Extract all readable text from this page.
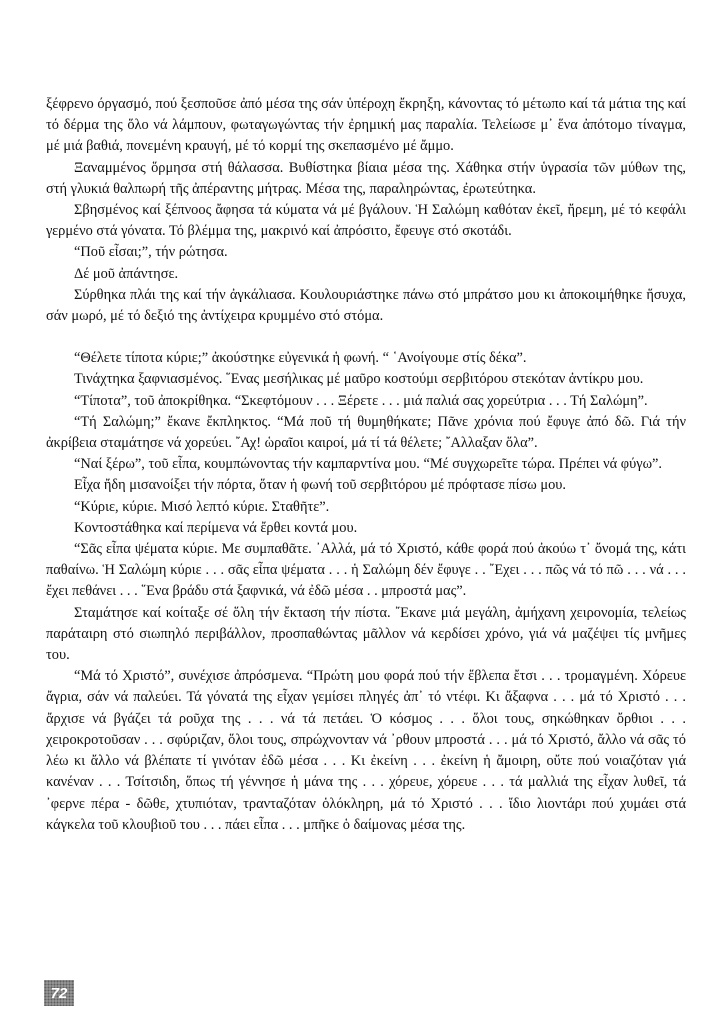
ξέφρενο όργασμό, πού ξεσποῦσε ἀπό μέσα της σάν ὑπέροχη ἔκρηξη, κάνοντας τό μέτωπο καί τά μάτια της καί τό δέρμα της ὅλο νά λάμπουν, φωταγωγώντας τήν ἐρημική μας παραλία. Τελείωσε μ᾽ ἕνα ἀπότομο τίναγμα, μέ μιά βαθιά, πονεμένη κραυγή, μέ τό κορμί της σκεπασμένο μέ ἄμμο.

Ξαναμμένος ὅρμησα στή θάλασσα. Βυθίστηκα βίαια μέσα της. Χάθηκα στήν ὑγρασία τῶν μύθων της, στή γλυκιά θαλπωρή τῆς ἀπέραντης μήτρας. Μέσα της, παραληρώντας, ἐρωτεύτηκα.

Σβησμένος καί ξέπνοος ἄφησα τά κύματα νά μέ βγάλουν. Ἡ Σαλώμη καθόταν ἐκεῖ, ἤρεμη, μέ τό κεφάλι γερμένο στά γόνατα. Τό βλέμμα της, μακρινό καί ἀπρόσιτο, ἔφευγε στό σκοτάδι.

“Ποῦ εἶσαι;”, τήν ρώτησα.

Δέ μοῦ ἀπάντησε.

Σύρθηκα πλάι της καί τήν ἀγκάλιασα. Κουλουριάστηκε πάνω στό μπράτσο μου κι ἀποκοιμήθηκε ἥσυχα, σάν μωρό, μέ τό δεξιό της ἀντίχειρα κρυμμένο στό στόμα.

“Θέλετε τίποτα κύριε;” ἀκούστηκε εὐγενικά ἡ φωνή. “ ῾Ανοίγουμε στίς δέκα”.

Τινάχτηκα ξαφνιασμένος. ῞Ενας μεσήλικας μέ μαῦρο κοστούμι σερβιτόρου στεκόταν ἀντίκρυ μου.

“Τίποτα”, τοῦ ἀποκρίθηκα. “Σκεφτόμουν . . . Ξέρετε . . . μιά παλιά σας χορεύτρια . . . Τή Σαλώμη”.

“Τή Σαλώμη;” ἔκανε ἔκπληκτος. “Μά ποῦ τή θυμηθήκατε; Πᾶνε χρόνια πού ἔφυγε ἀπό δῶ. Γιά τήν ἀκρίβεια σταμάτησε νά χορεύει. ῎Αχ! ὡραῖοι καιροί, μά τί τά θέλετε; ῎Αλλαξαν ὅλα”.

“Ναί ξέρω”, τοῦ εἶπα, κουμπώνοντας τήν καμπαρντίνα μου. “Μέ συγχωρεῖτε τώρα. Πρέπει νά φύγω”.

Εἶχα ἤδη μισανοίξει τήν πόρτα, ὅταν ἡ φωνή τοῦ σερβιτόρου μέ πρόφτασε πίσω μου.

“Κύριε, κύριε. Μισό λεπτό κύριε. Σταθῆτε”.

Κοντοστάθηκα καί περίμενα νά ἔρθει κοντά μου.

“Σᾶς εἶπα ψέματα κύριε. Με συμπαθᾶτε. ᾽Αλλά, μά τό Χριστό, κάθε φορά πού ἀκούω τ᾽ ὄνομά της, κάτι παθαίνω. Ἡ Σαλώμη κύριε . . . σᾶς εἶπα ψέματα . . . ἡ Σαλώμη δέν ἔφυγε . . ῎Εχει . . . πῶς νά τό πῶ . . . νά . . . ἔχει πεθάνει . . . ῞Ενα βράδυ στά ξαφνικά, νά ἐδῶ μέσα . . μπροστά μας”.

Σταμάτησε καί κοίταξε σέ ὅλη τήν ἔκταση τήν πίστα. ῎Εκανε μιά μεγάλη, ἀμήχανη χειρονομία, τελείως παράταιρη στό σιωπηλό περιβάλλον, προσπαθώντας μᾶλλον νά κερδίσει χρόνο, γιά νά μαζέψει τίς μνῆμες του.

“Μά τό Χριστό”, συνέχισε ἀπρόσμενα. “Πρώτη μου φορά πού τήν ἔβλεπα ἔτσι . . . τρομαγμένη. Χόρευε ἄγρια, σάν νά παλεύει. Τά γόνατά της εἶχαν γεμίσει πληγές ἀπ᾽ τό ντέφι. Κι ἄξαφνα . . . μά τό Χριστό . . . ἄρχισε νά βγάζει τά ροῦχα της . . . νά τά πετάει. Ὁ κόσμος . . . ὅλοι τους, σηκώθηκαν ὄρθιοι . . . χειροκροτοῦσαν . . . σφύριζαν, ὅλοι τους, σπρώχνονταν νά ᾽ρθουν μπροστά . . . μά τό Χριστό, ἄλλο νά σᾶς τό λέω κι ἄλλο νά βλέπατε τί γινόταν ἐδῶ μέσα . . . Κι ἐκείνη . . . ἐκείνη ἡ ἄμοιρη, οὔτε πού νοιαζόταν γιά κανέναν . . . Τσίτσιδη, ὅπως τή γέννησε ἡ μάνα της . . . χόρευε, χόρευε . . . τά μαλλιά της εἶχαν λυθεῖ, τά ᾽φερνε πέρα - δῶθε, χτυπιόταν, τρανταζόταν ὁλόκληρη, μά τό Χριστό . . . ἴδιο λιοντάρι πού χυμάει στά κάγκελα τοῦ κλουβιοῦ του . . . πάει εἶπα . . . μπῆκε ὁ δαίμονας μέσα της.

72
